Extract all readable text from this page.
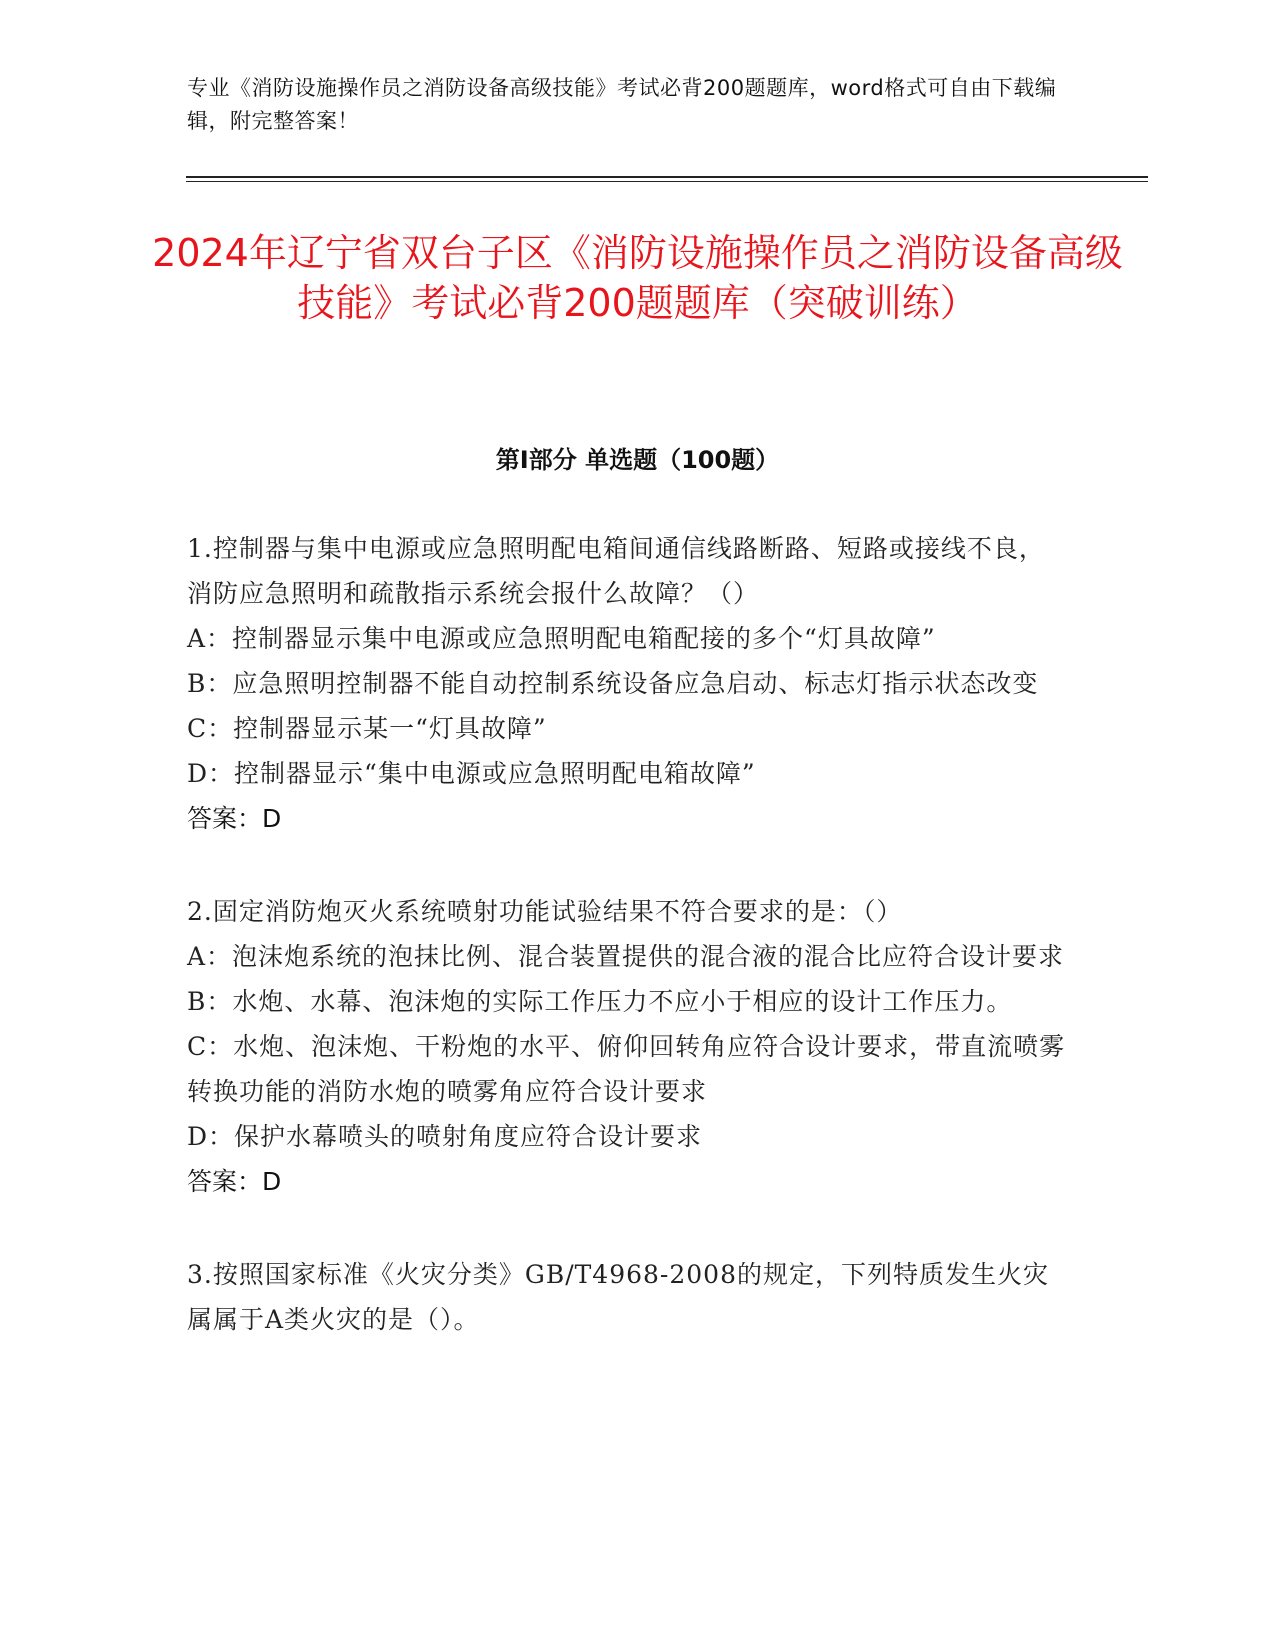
专业《消防设施操作员之消防设备高级技能》考试必背200题题库，word格式可自由下载编辑，附完整答案！
2024年辽宁省双台子区《消防设施操作员之消防设备高级技能》考试必背200题题库（突破训练）
第I部分 单选题（100题）

1.控制器与集中电源或应急照明配电箱间通信线路断路、短路或接线不良，消防应急照明和疏散指示系统会报什么故障？（）

A：控制器显示集中电源或应急照明配电箱配接的多个“灯具故障”

B：应急照明控制器不能自动控制系统设备应急启动、标志灯指示状态改变

C：控制器显示某一“灯具故障”

D：控制器显示“集中电源或应急照明配电箱故障”

答案：D

2.固定消防炮灭火系统喷射功能试验结果不符合要求的是：（）

A：泡沫炮系统的泡抹比例、混合装置提供的混合液的混合比应符合设计要求

B：水炮、水幕、泡沫炮的实际工作压力不应小于相应的设计工作压力。

C：水炮、泡沫炮、干粉炮的水平、俯仰回转角应符合设计要求，带直流喷雾转换功能的消防水炮的喷雾角应符合设计要求

D：保护水幕喷头的喷射角度应符合设计要求

答案：D

3.按照国家标准《火灾分类》GB/T4968-2008的规定，下列特质发生火灾属属于A类火灾的是（）。
